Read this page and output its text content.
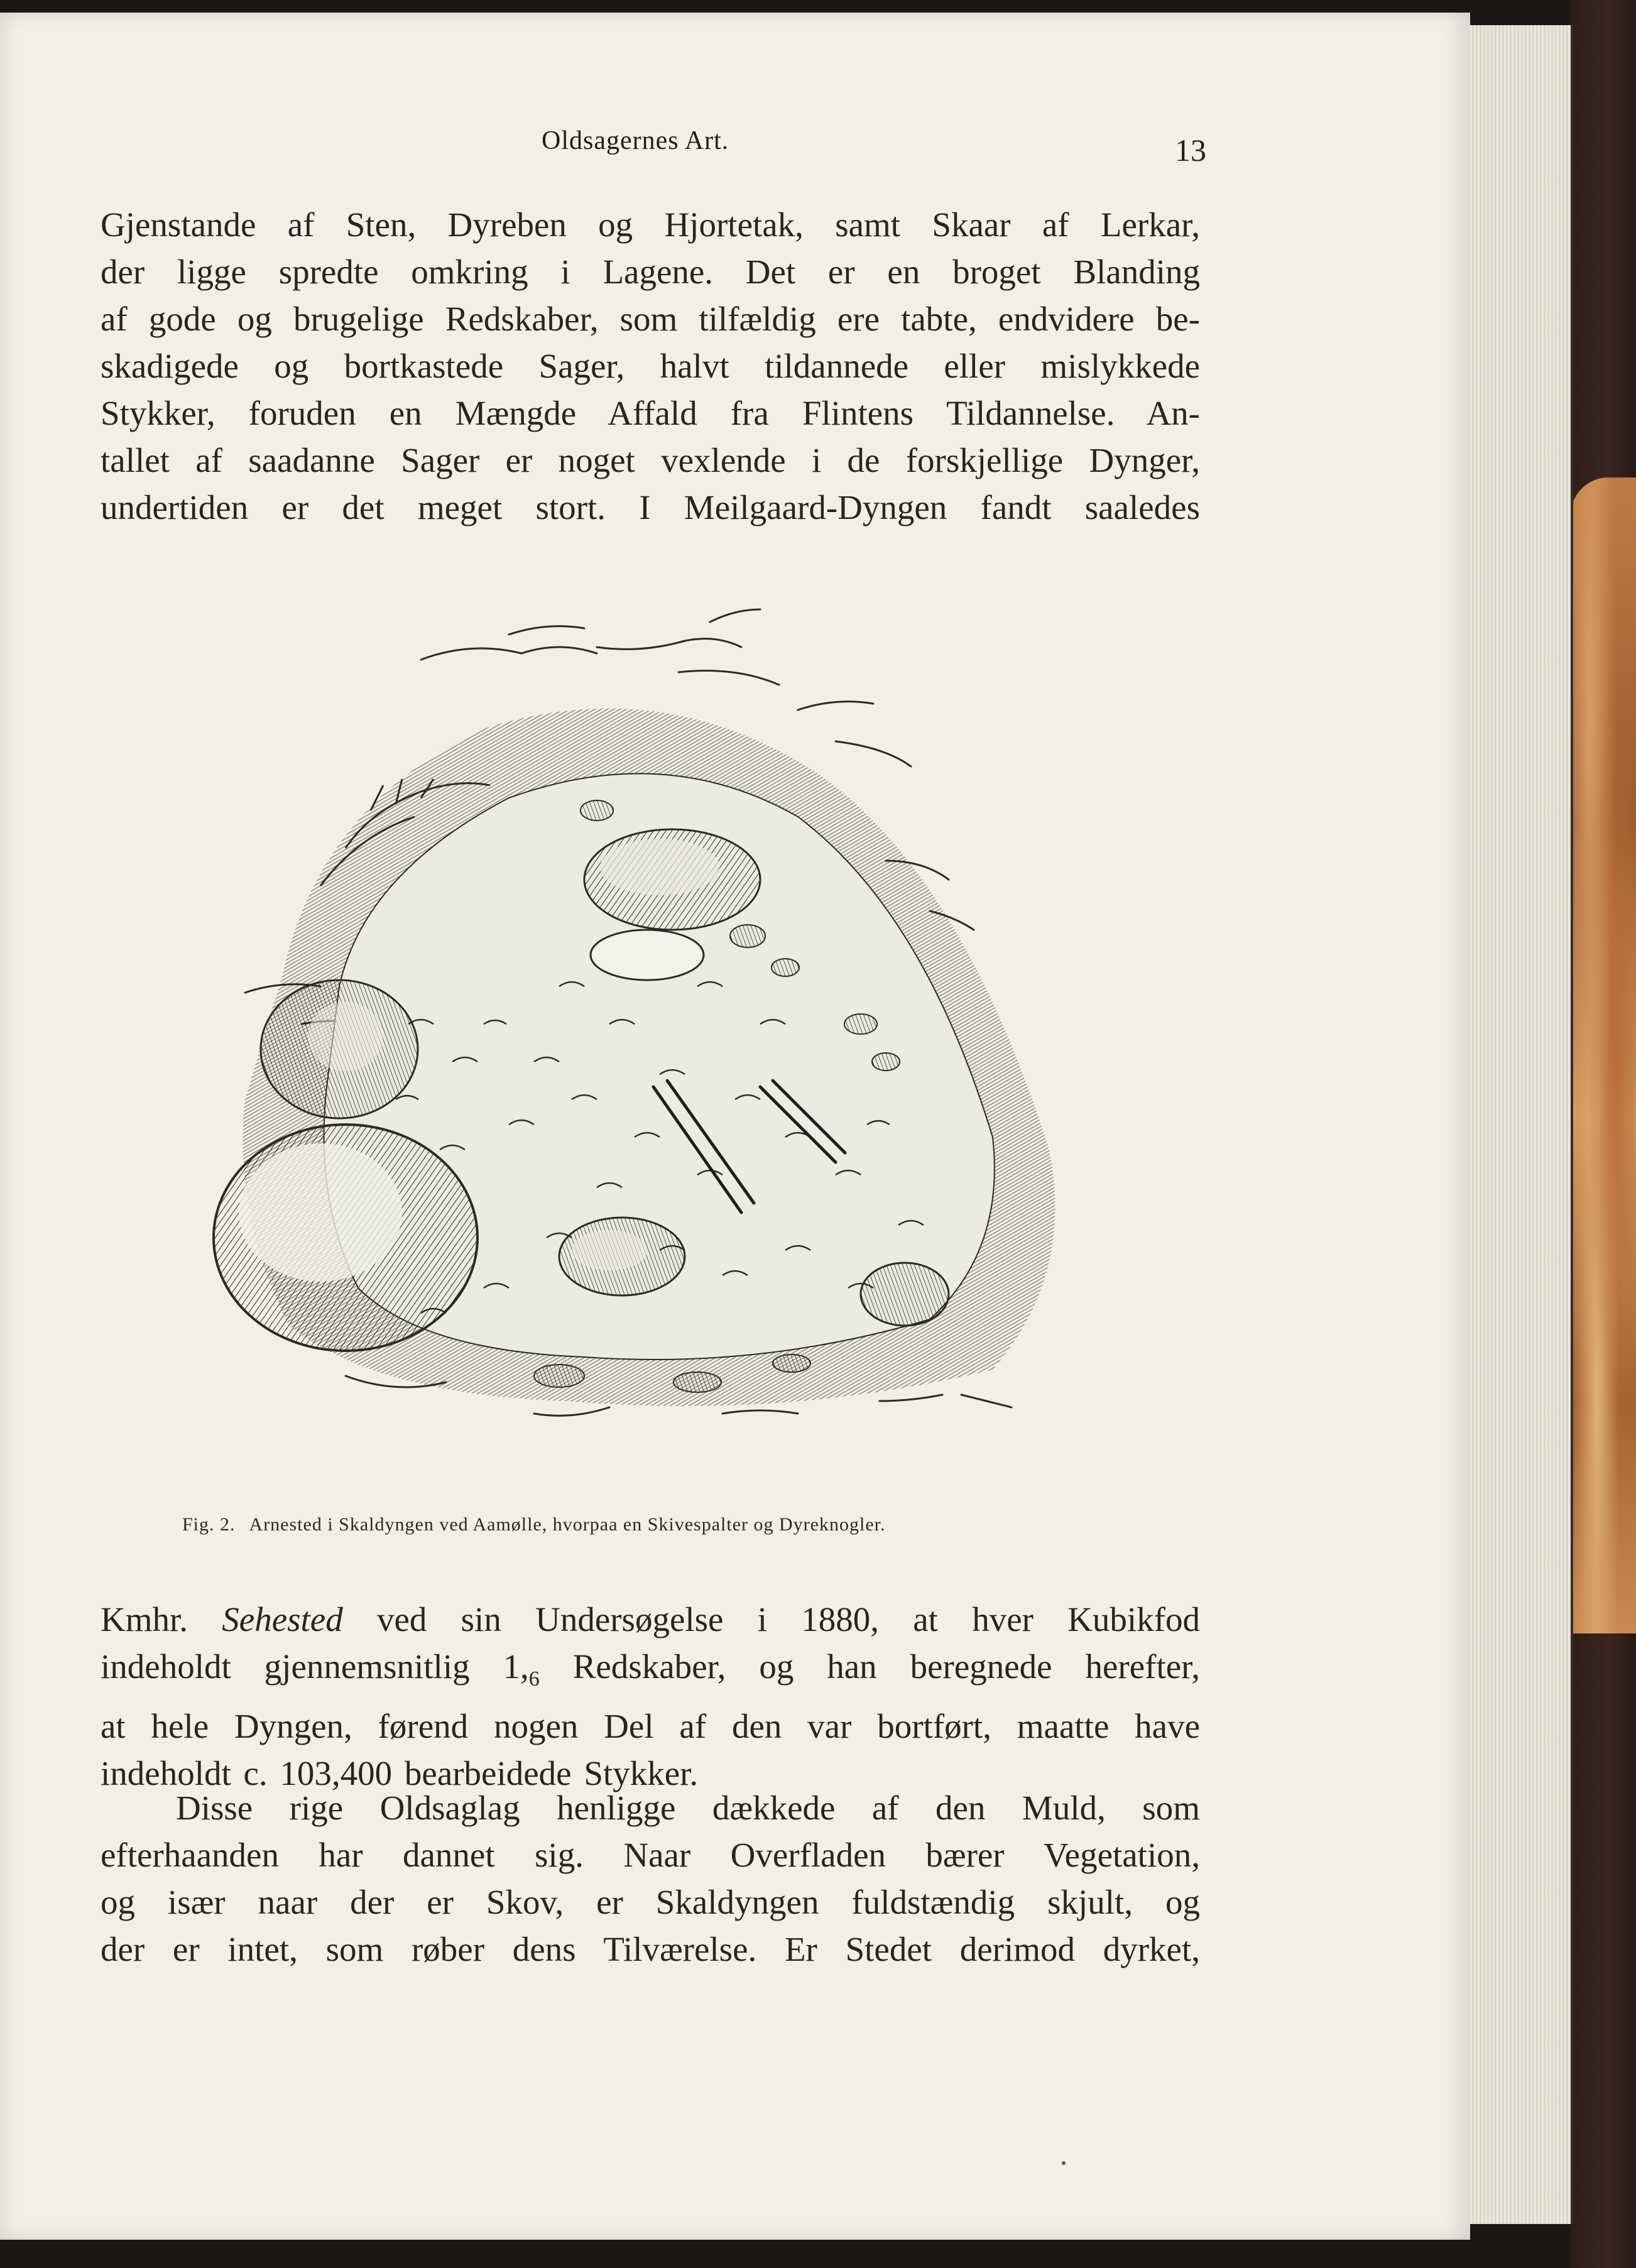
Oldsagernes Art.	13
Gjenstande af Sten, Dyreben og Hjortetak, samt Skaar af Lerkar,
der ligge spredte omkring i Lagene. Det er en broget Blanding
af gode og brugelige Redskaber, som tilfældig ere tabte, endvidere be-
skadigede og bortkastede Sager, halvt tildannede eller mislykkede
Stykker, foruden en Mængde Affald fra Flintens Tildannelse. An-
tallet af saadanne Sager er noget vexlende i de forskjellige Dynger,
undertiden er det meget stort. I Meilgaard-Dyngen fandt saaledes
Fig. 2. Arnested i Skaldyngen ved Aamølle, hvorpaa en Skivespalter og Dyreknogler.
Kmhr. Sehested ved sin Undersøgelse i 1880, at hver Kubikfod
indeholdt gjennemsnitlig $1,_6$ Redskaber, og han beregnede herefter,
at hele Dyngen, førend nogen Del af den var bortført, maatte have
indeholdt c. 103,400 bearbeidede Stykker.
Disse rige Oldsaglag henligge dækkede af den Muld, som
efterhaanden har dannet sig. Naar Overfladen bærer Vegetation,
og især naar der er Skov, er Skaldyngen fuldstændig skjult, og
der er intet, som røber dens Tilværelse. Er Stedet derimod dyrket,
